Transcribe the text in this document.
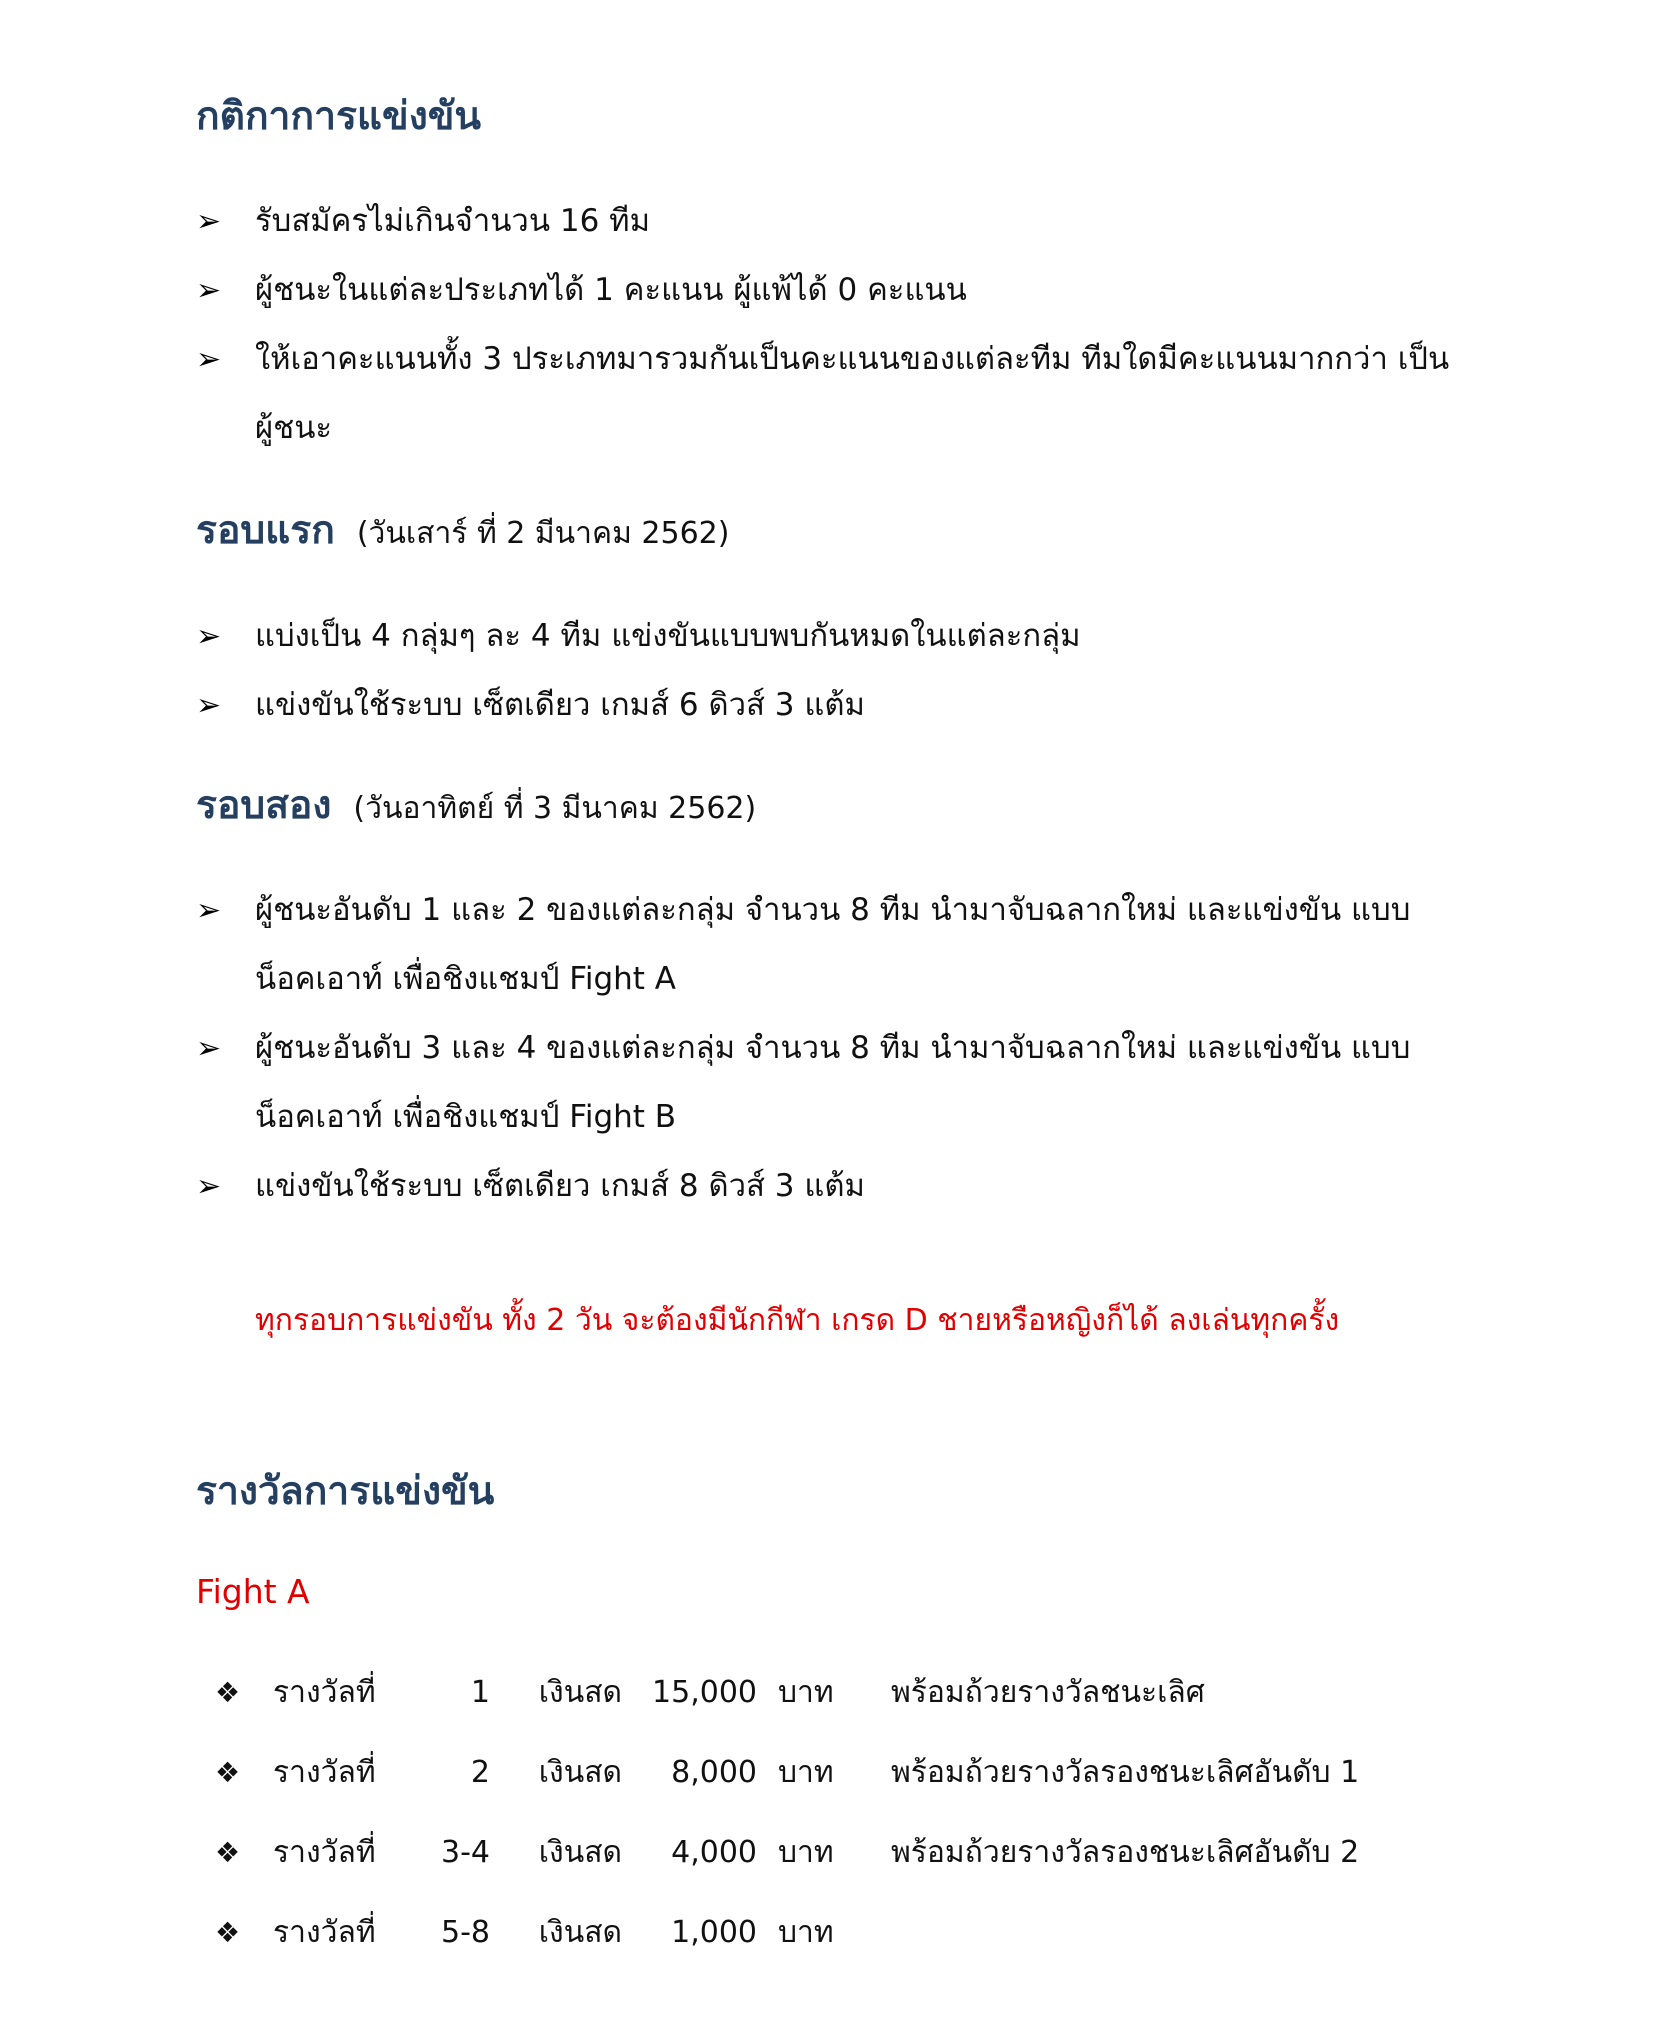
กติกาการแข่งขัน
➢	รับสมัครไม่เกินจำนวน 16 ทีม
➢	ผู้ชนะในแต่ละประเภทได้ 1 คะแนน ผู้แพ้ได้ 0 คะแนน
➢	ให้เอาคะแนนทั้ง 3 ประเภทมารวมกันเป็นคะแนนของแต่ละทีม ทีมใดมีคะแนนมากกว่า เป็นผู้ชนะ
รอบแรก (วันเสาร์ ที่ 2 มีนาคม 2562)
➢	แบ่งเป็น 4 กลุ่มๆ ละ 4 ทีม แข่งขันแบบพบกันหมดในแต่ละกลุ่ม
➢	แข่งขันใช้ระบบ เซ็ตเดียว เกมส์ 6 ดิวส์ 3 แต้ม
รอบสอง (วันอาทิตย์ ที่ 3 มีนาคม 2562)
➢	ผู้ชนะอันดับ 1 และ 2 ของแต่ละกลุ่ม จำนวน 8 ทีม นำมาจับฉลากใหม่ และแข่งขัน แบบน็อคเอาท์ เพื่อชิงแชมป์ Fight A
➢	ผู้ชนะอันดับ 3 และ 4 ของแต่ละกลุ่ม จำนวน 8 ทีม นำมาจับฉลากใหม่ และแข่งขัน แบบน็อคเอาท์ เพื่อชิงแชมป์ Fight B
➢	แข่งขันใช้ระบบ เซ็ตเดียว เกมส์ 8 ดิวส์ 3 แต้ม
ทุกรอบการแข่งขัน ทั้ง 2 วัน จะต้องมีนักกีฬา เกรด D ชายหรือหญิงก็ได้ ลงเล่นทุกครั้ง
รางวัลการแข่งขัน
Fight A
❖ รางวัลที่	1	เงินสด	15,000 บาท พร้อมถ้วยรางวัลชนะเลิศ
❖ รางวัลที่	2	เงินสด	8,000 บาท พร้อมถ้วยรางวัลรองชนะเลิศอันดับ 1
❖ รางวัลที่	3-4	เงินสด	4,000 บาท พร้อมถ้วยรางวัลรองชนะเลิศอันดับ 2
❖ รางวัลที่	5-8	เงินสด	1,000 บาท
